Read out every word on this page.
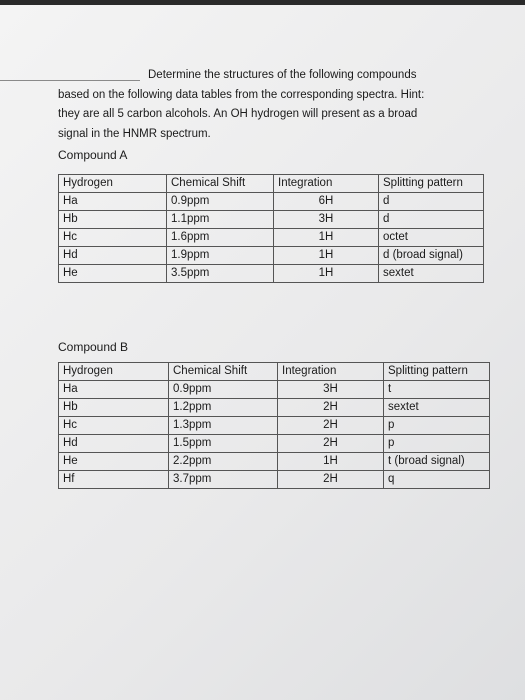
Determine the structures of the following compounds
based on the following data tables from the corresponding spectra. Hint:
they are all 5 carbon alcohols. An OH hydrogen will present as a broad
signal in the HNMR spectrum.
Compound A
Hydrogen	Chemical Shift	Integration	Splitting pattern
Ha	0.9ppm	6H	d
Hb	1.1ppm	3H	d
Hc	1.6ppm	1H	octet
Hd	1.9ppm	1H	d (broad signal)
He	3.5ppm	1H	sextet
Compound B
Hydrogen	Chemical Shift	Integration	Splitting pattern
Ha	0.9ppm	3H	t
Hb	1.2ppm	2H	sextet
Hc	1.3ppm	2H	p
Hd	1.5ppm	2H	p
He	2.2ppm	1H	t (broad signal)
Hf	3.7ppm	2H	q
